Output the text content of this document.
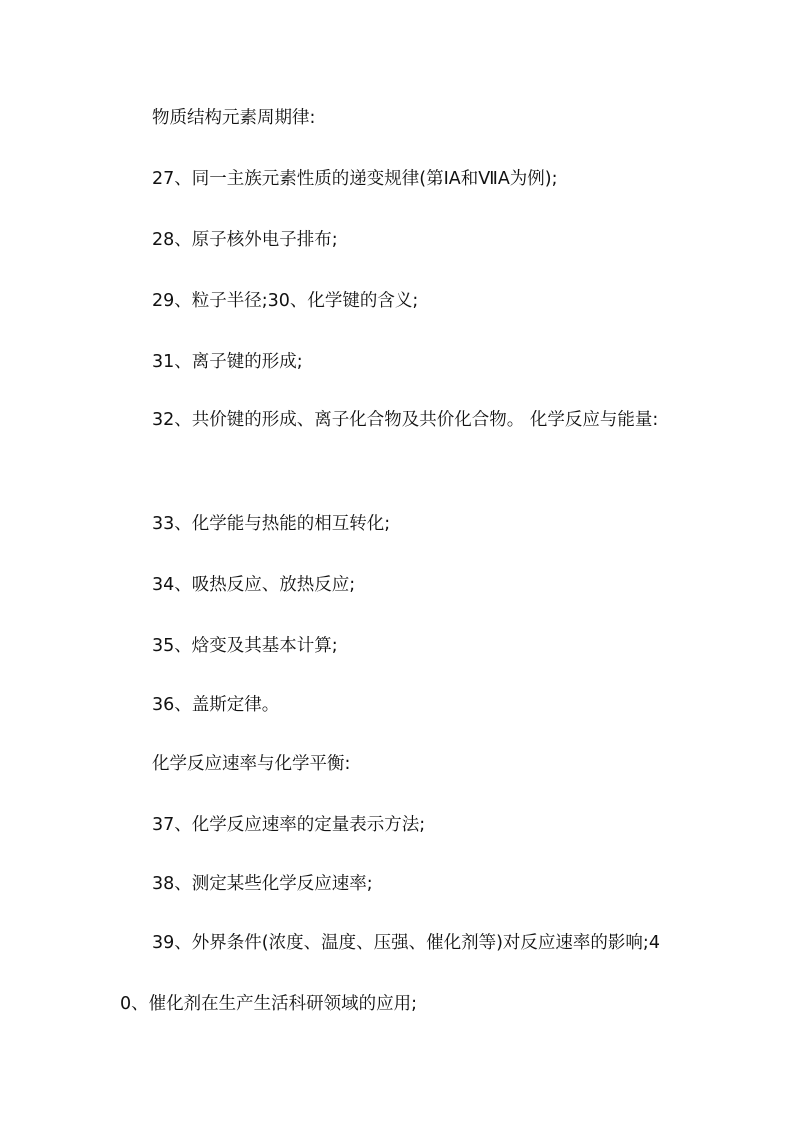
物质结构元素周期律:

27、同一主族元素性质的递变规律(第ⅠA和ⅦA为例);

28、原子核外电子排布;

29、粒子半径;30、化学键的含义;

31、离子键的形成;

32、共价键的形成、离子化合物及共价化合物。 化学反应与能量:

33、化学能与热能的相互转化;

34、吸热反应、放热反应;

35、焓变及其基本计算;

36、盖斯定律。

化学反应速率与化学平衡:

37、化学反应速率的定量表示方法;

38、测定某些化学反应速率;

39、外界条件(浓度、温度、压强、催化剂等)对反应速率的影响;40、催化剂在生产生活科研领域的应用;
